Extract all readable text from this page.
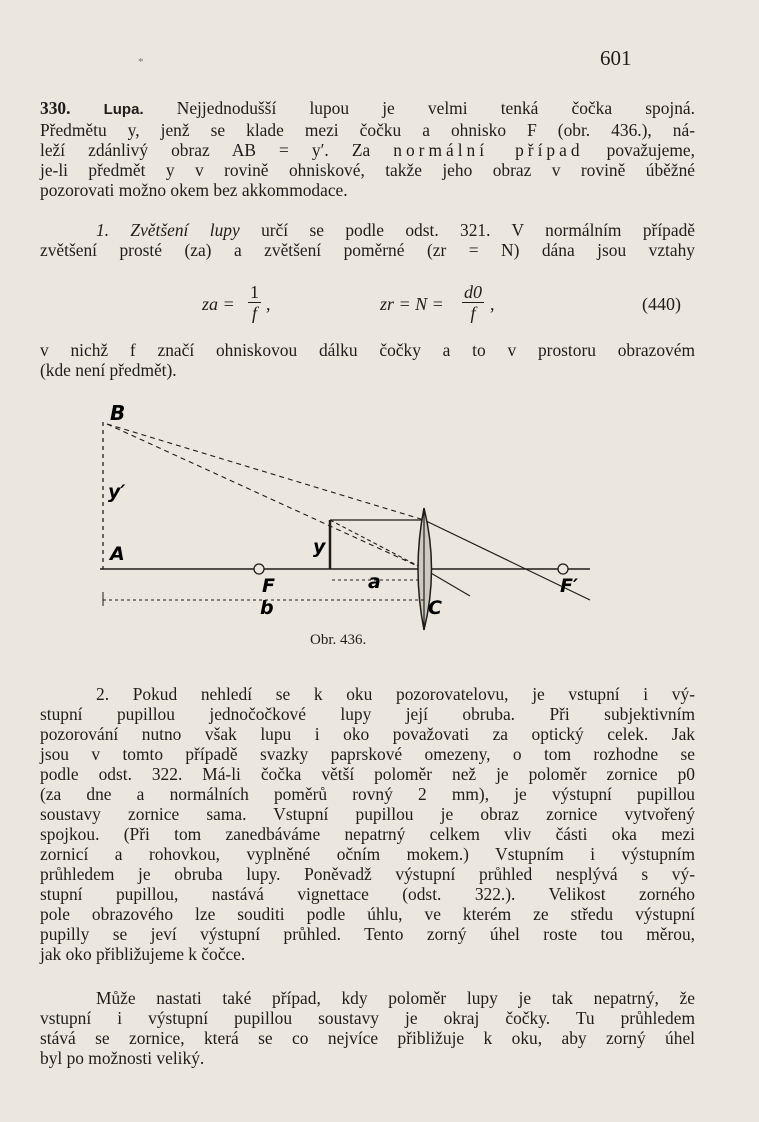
*	601
330. Lupa. Nejjednodušší lupou je velmi tenká čočka spojná.
Předmětu y, jenž se klade mezi čočku a ohnisko F (obr. 436.), ná-
leží zdánlivý obraz AB = y′. Za normální případ považujeme,
je-li předmět y v rovině ohniskové, takže jeho obraz v rovině úběžné
pozorovati možno okem bez akkommodace.
1. Zvětšení lupy určí se podle odst. 321. V normálním případě
zvětšení prosté (za) a zvětšení poměrné (zr = N) dána jsou vztahy
za = $\frac{1}{f}$ ,	zr = $N = \frac{d0}{f}$ ,	(440)
v nichž f značí ohniskovou dálku čočky a to v prostoru obrazovém
(kde není předmět).
B
y′
A	y
F	a
b	C
F′
Obr. 436.
2. Pokud nehledí se k oku pozorovatelovu, je vstupní i vý-
stupní pupillou jednočočkové lupy její obruba. Při subjektivním
pozorování nutno však lupu i oko považovati za optický celek. Jak
jsou v tomto případě svazky paprskové omezeny, o tom rozhodne se
podle odst. 322. Má-li čočka větší poloměr než je poloměr zornice p0
(za dne a normálních poměrů rovný 2 mm), je výstupní pupillou
soustavy zornice sama. Vstupní pupillou je obraz zornice vytvořený
spojkou. (Při tom zanedbáváme nepatrný celkem vliv části oka mezi
zornicí a rohovkou, vyplněné očním mokem.) Vstupním i výstupním
průhledem je obruba lupy. Poněvadž výstupní průhled nesplývá s vý-
stupní pupillou, nastává vignettace (odst. 322.). Velikost zorného
pole obrazového lze souditi podle úhlu, ve kterém ze středu výstupní
pupilly se jeví výstupní průhled. Tento zorný úhel roste tou měrou,
jak oko přibližujeme k čočce.
Může nastati také případ, kdy poloměr lupy je tak nepatrný, že
vstupní i výstupní pupillou soustavy je okraj čočky. Tu průhledem
stává se zornice, která se co nejvíce přibližuje k oku, aby zorný úhel
byl po možnosti veliký.
